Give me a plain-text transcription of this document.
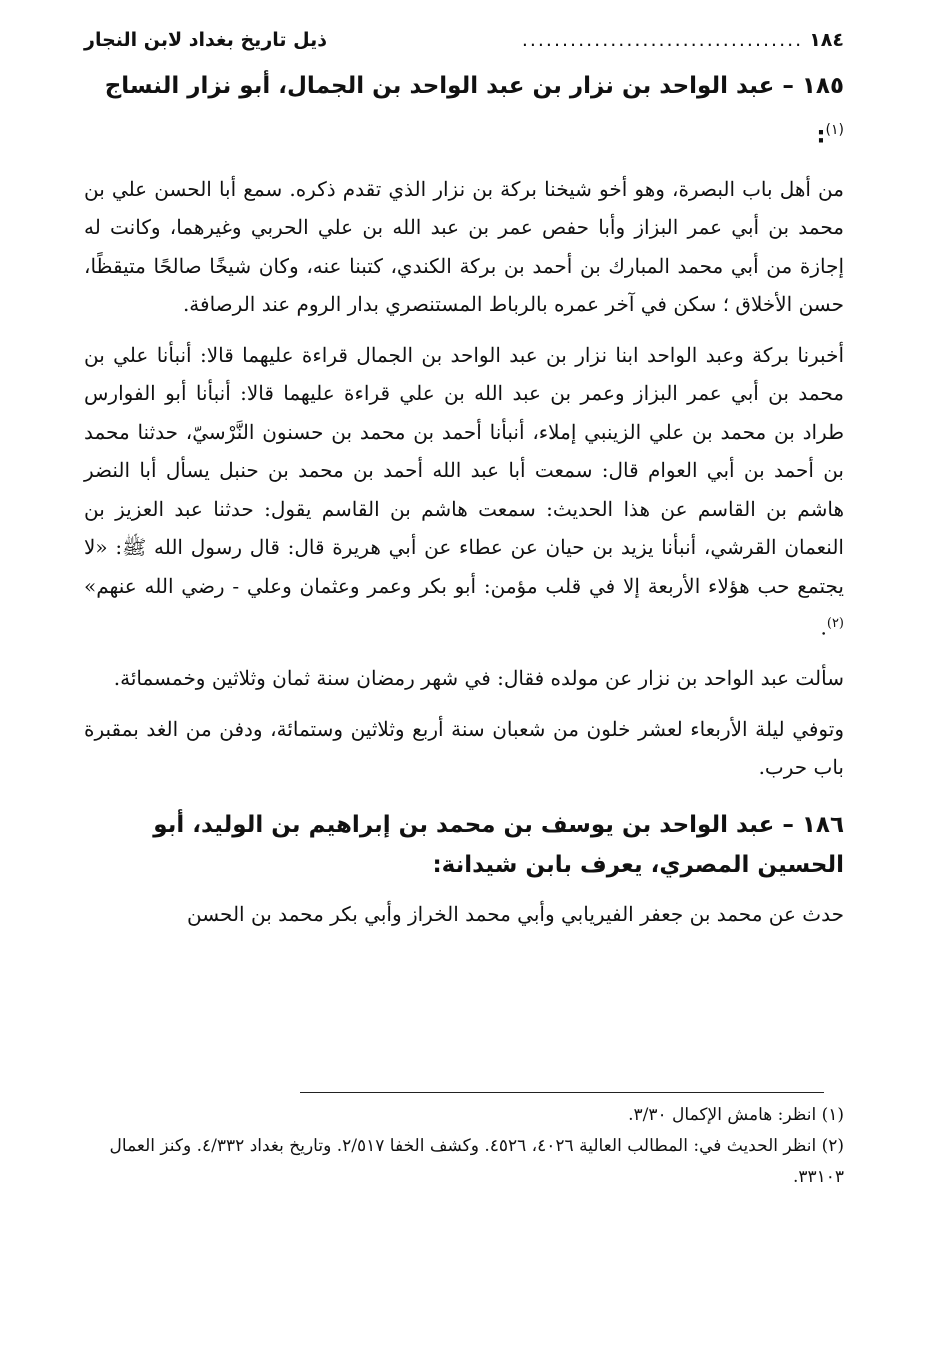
١٨٤
...................................
ذيل تاريخ بغداد لابن النجار
١٨٥ – عبد الواحد بن نزار بن عبد الواحد بن الجمال، أبو نزار النساج $^{(١)}$:

من أهل باب البصرة، وهو أخو شيخنا بركة بن نزار الذي تقدم ذكره. سمع أبا الحسن علي بن محمد بن أبي عمر البزاز وأبا حفص عمر بن عبد الله بن علي الحربي وغيرهما، وكانت له إجازة من أبي محمد المبارك بن أحمد بن بركة الكندي، كتبنا عنه، وكان شيخًا صالحًا متيقظًا، حسن الأخلاق ؛ سكن في آخر عمره بالرباط المستنصري بدار الروم عند الرصافة.

أخبرنا بركة وعبد الواحد ابنا نزار بن عبد الواحد بن الجمال قراءة عليهما قالا: أنبأنا علي بن محمد بن أبي عمر البزاز وعمر بن عبد الله بن علي قراءة عليهما قالا: أنبأنا أبو الفوارس طراد بن محمد بن علي الزينبي إملاء، أنبأنا أحمد بن محمد بن حسنون النَّرْسيّ، حدثنا محمد بن أحمد بن أبي العوام قال: سمعت أبا عبد الله أحمد بن محمد بن حنبل يسأل أبا النضر هاشم بن القاسم عن هذا الحديث: سمعت هاشم بن القاسم يقول: حدثنا عبد العزيز بن النعمان القرشي، أنبأنا يزيد بن حيان عن عطاء عن أبي هريرة قال: قال رسول الله ﷺ: «لا يجتمع حب هؤلاء الأربعة إلا في قلب مؤمن: أبو بكر وعمر وعثمان وعلي - رضي الله عنهم» $^{(٢)}$.

سألت عبد الواحد بن نزار عن مولده فقال: في شهر رمضان سنة ثمان وثلاثين وخمسمائة.

وتوفي ليلة الأربعاء لعشر خلون من شعبان سنة أربع وثلاثين وستمائة، ودفن من الغد بمقبرة باب حرب.

١٨٦ – عبد الواحد بن يوسف بن محمد بن إبراهيم بن الوليد، أبو الحسين المصري، يعرف بابن شيدانة:

حدث عن محمد بن جعفر الفيريابي وأبي محمد الخراز وأبي بكر محمد بن الحسن

(١) انظر: هامش الإكمال ٣/٣٠.

(٢) انظر الحديث في: المطالب العالية ٤٠٢٦، ٤٥٢٦. وكشف الخفا ٢/٥١٧. وتاريخ بغداد ٤/٣٣٢. وكنز العمال ٣٣١٠٣.
